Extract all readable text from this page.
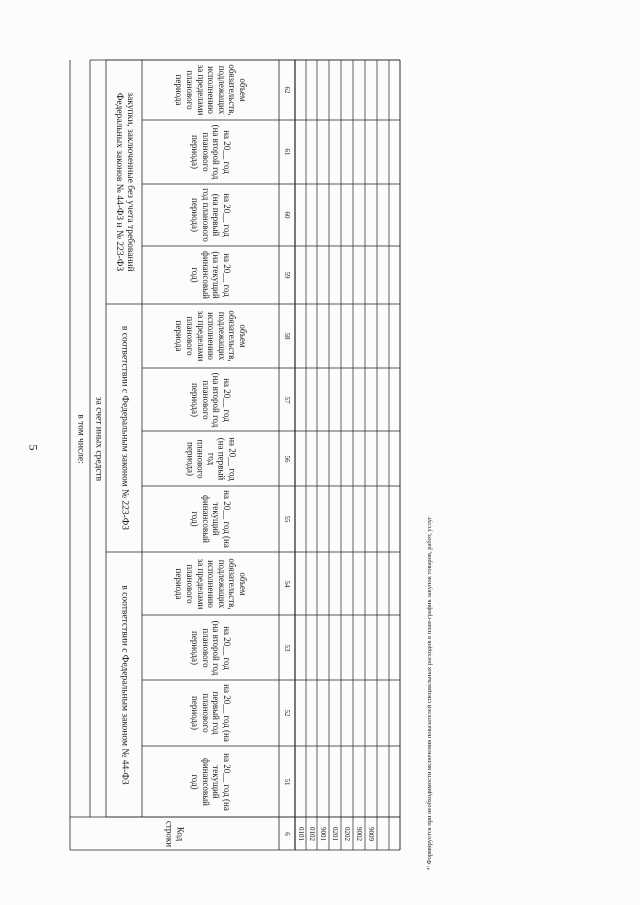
5
Код строки
в том числе: за счет иных средств
в соответствии с Федеральным законом № 44-ФЗ
в соответствии с Федеральным законом № 223-ФЗ
закупки, заключенные без учета требований Федеральных законов № 44-ФЗ и № 223-ФЗ
на 20__ год (на текущий финансовый год)
на 20__ год (на первый год планового периода)
на 20__ год (на второй год планового периода)
объем обязательств, подлежащих исполнению за пределами планового периода
на 20__ год (на текущий финансовый год)
на 20__ год (на первый год планового периода)
на 20__ год (на второй год планового периода)
объем обязательств, подлежащих исполнению за пределами планового периода
на 20__ год (на текущий финансовый год)
на 20__ год (на первый год планового периода)
на 20__ год (на второй год планового периода)
объем обязательств, подлежащих исполнению за пределами планового периода
6
51
52
53
54
55
56
57
58
59
60
61
62
0101 0102 9001 0201 0202 9002 9009	⁴⁾ Формируется при необходимости включения показателей специальных расходов в план-график закупок товаров, работ, услуг
